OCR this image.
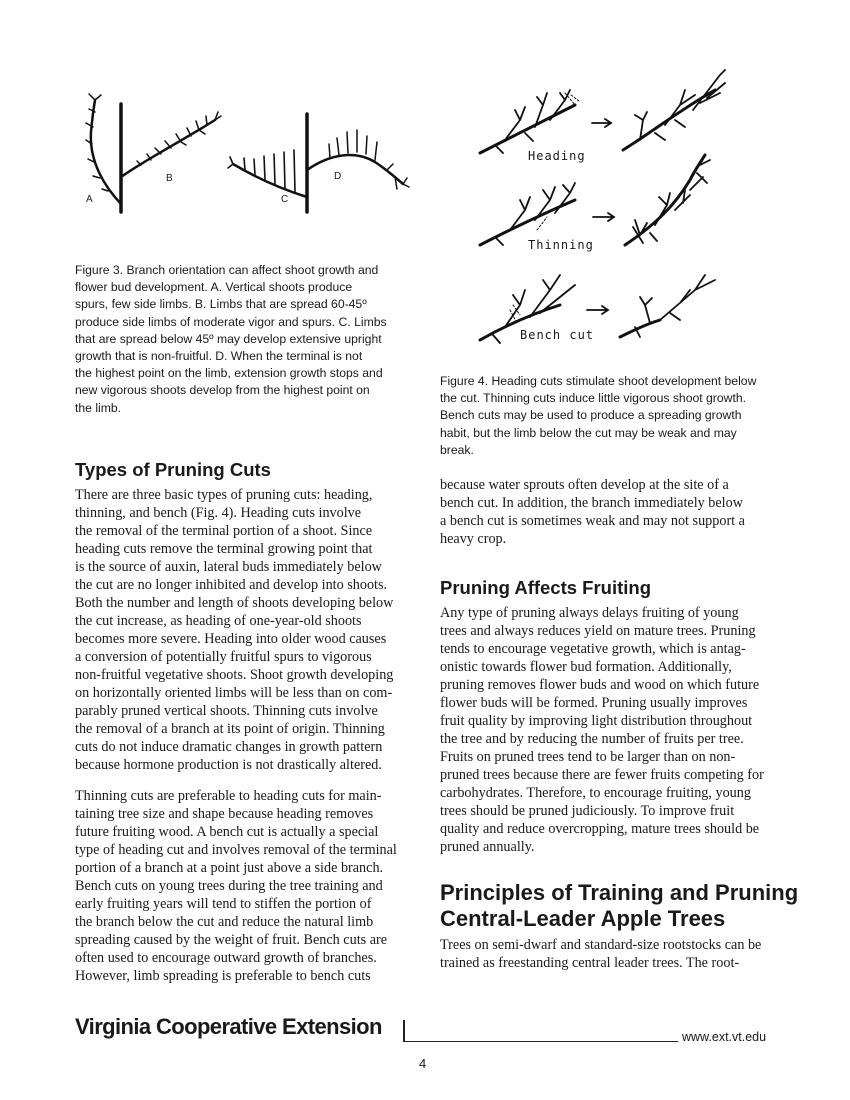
A
B
C
D
Figure 3. Branch orientation can affect shoot growth and
flower bud development. A. Vertical shoots produce
spurs, few side limbs. B. Limbs that are spread 60-45º
produce side limbs of moderate vigor and spurs. C. Limbs
that are spread below 45º may develop extensive upright
growth that is non-fruitful. D. When the terminal is not
the highest point on the limb, extension growth stops and
new vigorous shoots develop from the highest point on
the limb.
Heading
Thinning
Bench cut
Figure 4. Heading cuts stimulate shoot development below
the cut. Thinning cuts induce little vigorous shoot growth.
Bench cuts may be used to produce a spreading growth
habit, but the limb below the cut may be weak and may
break.
Types of Pruning Cuts
There are three basic types of pruning cuts: heading,
thinning, and bench (Fig. 4). Heading cuts involve
the removal of the terminal portion of a shoot. Since
heading cuts remove the terminal growing point that
is the source of auxin, lateral buds immediately below
the cut are no longer inhibited and develop into shoots.
Both the number and length of shoots developing below
the cut increase, as heading of one-year-old shoots
becomes more severe. Heading into older wood causes
a conversion of potentially fruitful spurs to vigorous
non-fruitful vegetative shoots. Shoot growth developing
on horizontally oriented limbs will be less than on com-
parably pruned vertical shoots. Thinning cuts involve
the removal of a branch at its point of origin. Thinning
cuts do not induce dramatic changes in growth pattern
because hormone production is not drastically altered.
Thinning cuts are preferable to heading cuts for main-
taining tree size and shape because heading removes
future fruiting wood. A bench cut is actually a special
type of heading cut and involves removal of the terminal
portion of a branch at a point just above a side branch.
Bench cuts on young trees during the tree training and
early fruiting years will tend to stiffen the portion of
the branch below the cut and reduce the natural limb
spreading caused by the weight of fruit. Bench cuts are
often used to encourage outward growth of branches.
However, limb spreading is preferable to bench cuts
because water sprouts often develop at the site of a
bench cut. In addition, the branch immediately below
a bench cut is sometimes weak and may not support a
heavy crop.
Pruning Affects Fruiting
Any type of pruning always delays fruiting of young
trees and always reduces yield on mature trees. Pruning
tends to encourage vegetative growth, which is antag-
onistic towards flower bud formation. Additionally,
pruning removes flower buds and wood on which future
flower buds will be formed. Pruning usually improves
fruit quality by improving light distribution throughout
the tree and by reducing the number of fruits per tree.
Fruits on pruned trees tend to be larger than on non-
pruned trees because there are fewer fruits competing for
carbohydrates. Therefore, to encourage fruiting, young
trees should be pruned judiciously. To improve fruit
quality and reduce overcropping, mature trees should be
pruned annually.
Principles of Training and Pruning
Central-Leader Apple Trees
Trees on semi-dwarf and standard-size rootstocks can be
trained as freestanding central leader trees. The root-
Virginia Cooperative Extension	www.ext.vt.edu
4
